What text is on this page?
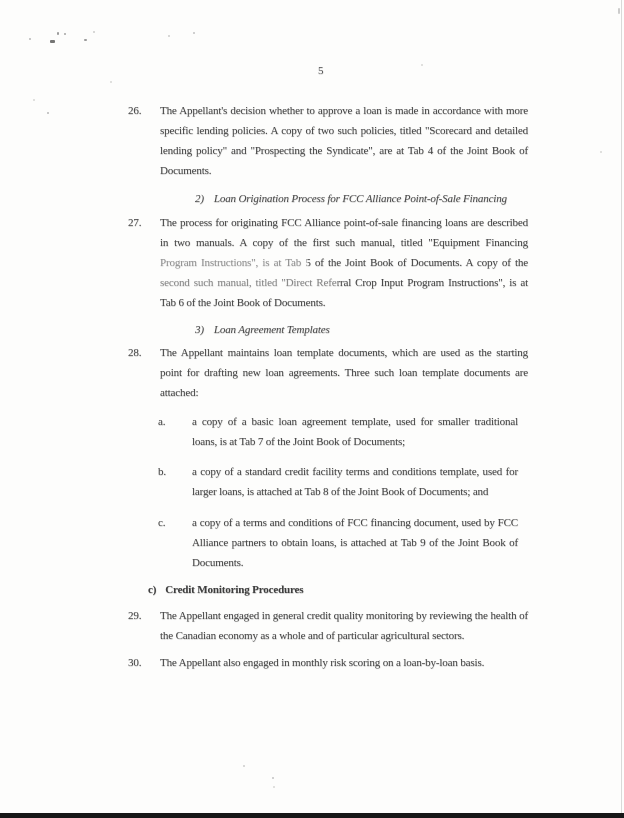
5
26.	The Appellant's decision whether to approve a loan is made in accordance with more specific lending policies. A copy of two such policies, titled "Scorecard and detailed lending policy" and "Prospecting the Syndicate", are at Tab 4 of the Joint Book of Documents.
2) Loan Origination Process for FCC Alliance Point-of-Sale Financing
27.	The process for originating FCC Alliance point-of-sale financing loans are described in two manuals. A copy of the first such manual, titled "Equipment Financing Program Instructions", is at Tab 5 of the Joint Book of Documents. A copy of the second such manual, titled "Direct Referral Crop Input Program Instructions", is at Tab 6 of the Joint Book of Documents.
3) Loan Agreement Templates
28.	The Appellant maintains loan template documents, which are used as the starting point for drafting new loan agreements. Three such loan template documents are attached:
a.	a copy of a basic loan agreement template, used for smaller traditional loans, is at Tab 7 of the Joint Book of Documents;
b.	a copy of a standard credit facility terms and conditions template, used for larger loans, is attached at Tab 8 of the Joint Book of Documents; and
c.	a copy of a terms and conditions of FCC financing document, used by FCC Alliance partners to obtain loans, is attached at Tab 9 of the Joint Book of Documents.
c) Credit Monitoring Procedures
29.	The Appellant engaged in general credit quality monitoring by reviewing the health of the Canadian economy as a whole and of particular agricultural sectors.
30.	The Appellant also engaged in monthly risk scoring on a loan-by-loan basis.
